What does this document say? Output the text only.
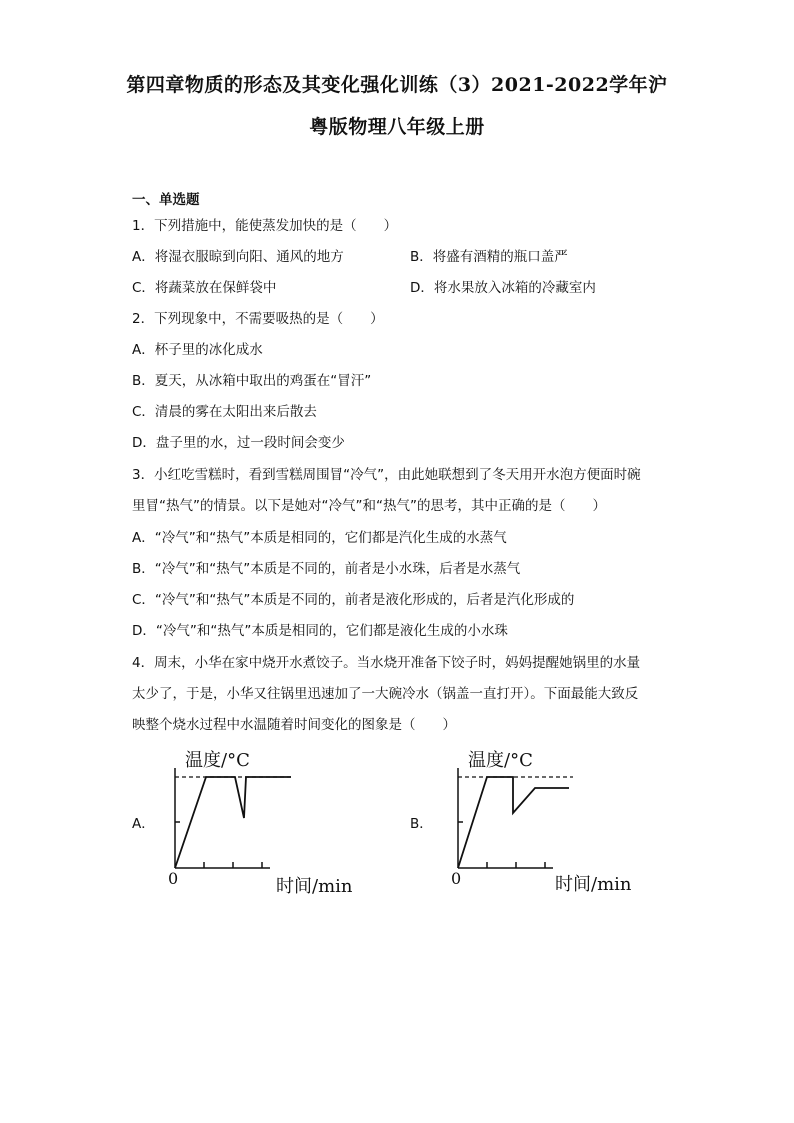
第四章物质的形态及其变化强化训练（3）2021-2022学年沪
粤版物理八年级上册
一、单选题
1．下列措施中，能使蒸发加快的是（　　）
A．将湿衣服晾到向阳、通风的地方	B．将盛有酒精的瓶口盖严
C．将蔬菜放在保鲜袋中	D．将水果放入冰箱的冷藏室内
2．下列现象中，不需要吸热的是（　　）
A．杯子里的冰化成水
B．夏天，从冰箱中取出的鸡蛋在“冒汗”
C．清晨的雾在太阳出来后散去
D．盘子里的水，过一段时间会变少
3．小红吃雪糕时，看到雪糕周围冒“冷气”，由此她联想到了冬天用开水泡方便面时碗
里冒“热气”的情景。以下是她对“冷气”和“热气”的思考，其中正确的是（　　）
A．“冷气”和“热气”本质是相同的，它们都是汽化生成的水蒸气
B．“冷气”和“热气”本质是不同的，前者是小水珠，后者是水蒸气
C．“冷气”和“热气”本质是不同的，前者是液化形成的，后者是汽化形成的
D．“冷气”和“热气”本质是相同的，它们都是液化生成的小水珠
4．周末，小华在家中烧开水煮饺子。当水烧开准备下饺子时，妈妈提醒她锅里的水量
太少了，于是，小华又往锅里迅速加了一大碗冷水（锅盖一直打开）。下面最能大致反
映整个烧水过程中水温随着时间变化的图象是（　　）
A．
温度/°C
0	时间/min
B．
温度/°C
0	时间/min
